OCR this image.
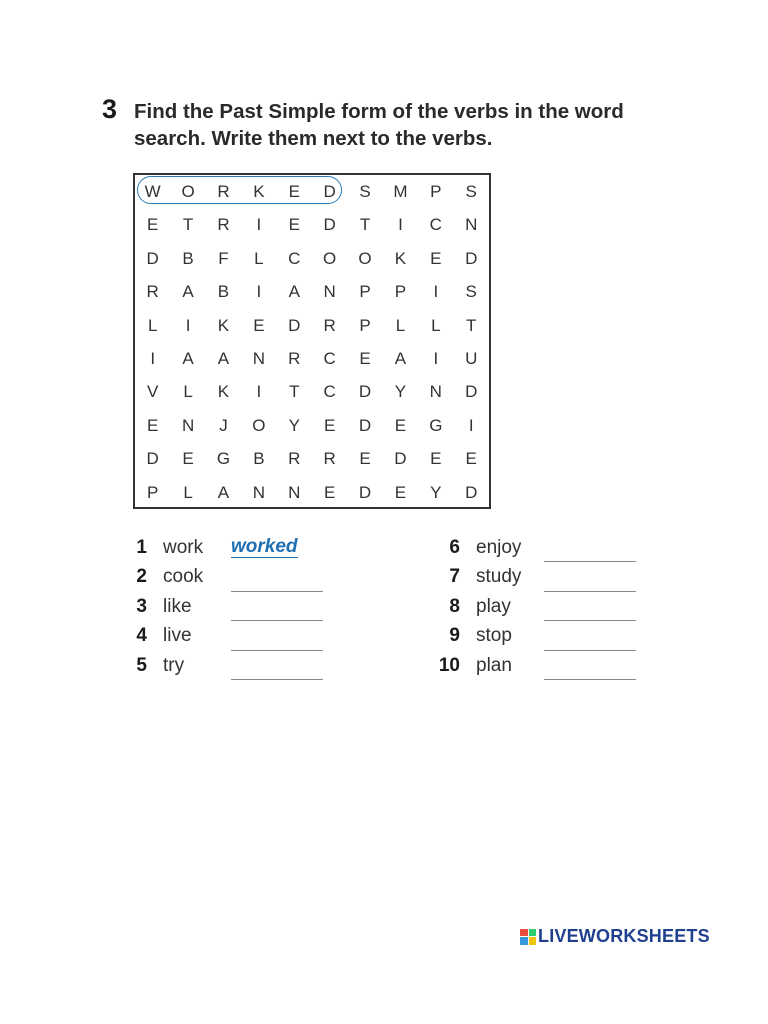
3 Find the Past Simple form of the verbs in the word search. Write them next to the verbs.
W	O	R	K	E	D	S	M	P	S
E	T	R	I	E	D	T	I	C	N
D	B	F	L	C	O	O	K	E	D
R	A	B	I	A	N	P	P	I	S
L	I	K	E	D	R	P	L	L	T
I	A	A	N	R	C	E	A	I	U
V	L	K	I	T	C	D	Y	N	D
E	N	J	O	Y	E	D	E	G	I
D	E	G	B	R	R	E	D	E	E
P	L	A	N	N	E	D	E	Y	D
1 work	worked
2 cook
3 like
4 live
5 try
6 enjoy
7 study
8 play
9 stop
10 plan
LIVEWORKSHEETS
